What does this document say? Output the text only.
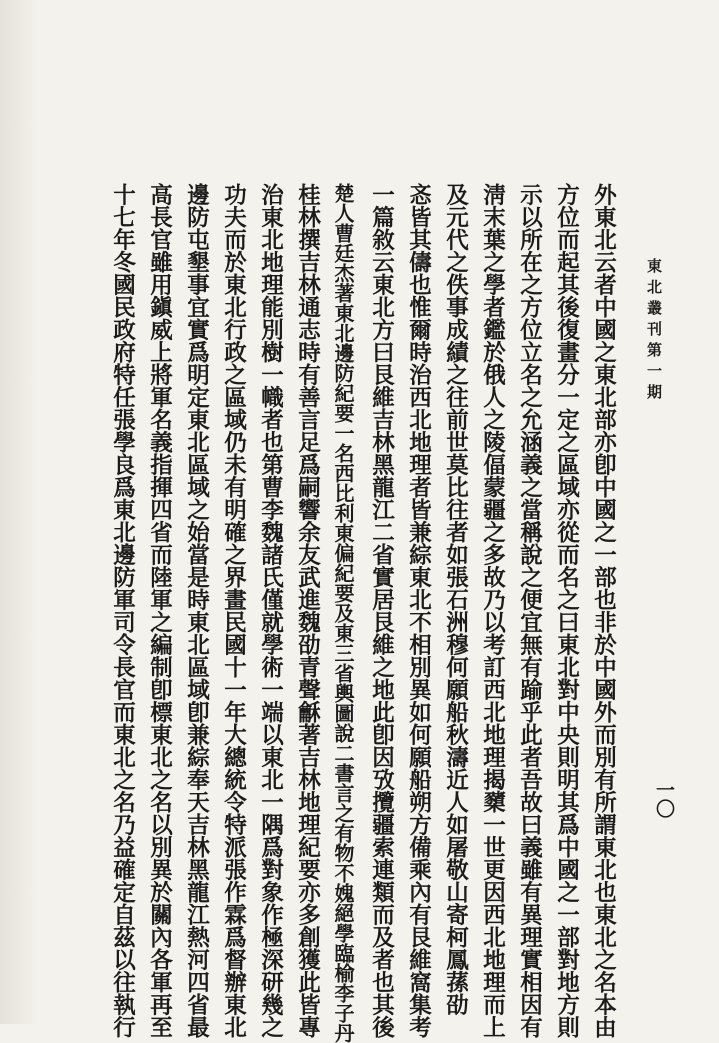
東北叢刊第一期
一〇
外東北云者中國之東北部亦卽中國之一部也非於中國外而別有所謂東北也東北之名本由
方位而起其後復畫分一定之區域亦從而名之曰東北對中央則明其爲中國之一部對地方則
示以所在之方位立名之允涵義之當稱說之便宜無有踰乎此者吾故曰義雖有異理實相因有
淸末葉之學者鑑於俄人之陵偪蒙疆之多故乃以考訂西北地理揭櫫一世更因西北地理而上
及元代之佚事成績之往前世莫比往者如張石洲穆何願船秋濤近人如屠敬山寄柯鳳蓀劭
忞皆其儔也惟爾時治西北地理者皆兼綜東北不相別異如何願船朔方備乘內有艮維窩集考
一篇敘云東北方曰艮維吉林黑龍江二省實居艮維之地此卽因攷攬疆索連類而及者也其後
楚人曹廷杰著東北邊防紀要一名西比利東偏紀要及東三省輿圖說二書言之有物不媿絕學臨榆李子丹
桂林撰吉林通志時有善言足爲嗣響余友武進魏劭青聲龢著吉林地理紀要亦多創獲此皆專
治東北地理能別樹一幟者也第曹李魏諸氏僅就學術一端以東北一隅爲對象作極深研幾之
功夫而於東北行政之區域仍未有明確之界畫民國十一年大總統令特派張作霖爲督辦東北
邊防屯墾事宜實爲明定東北區域之始當是時東北區域卽兼綜奉天吉林黑龍江熱河四省最
高長官雖用鎭威上將軍名義指揮四省而陸軍之編制卽標東北之名以別異於關內各軍再至
十七年冬國民政府特任張學良爲東北邊防軍司令長官而東北之名乃益確定自茲以往執行
